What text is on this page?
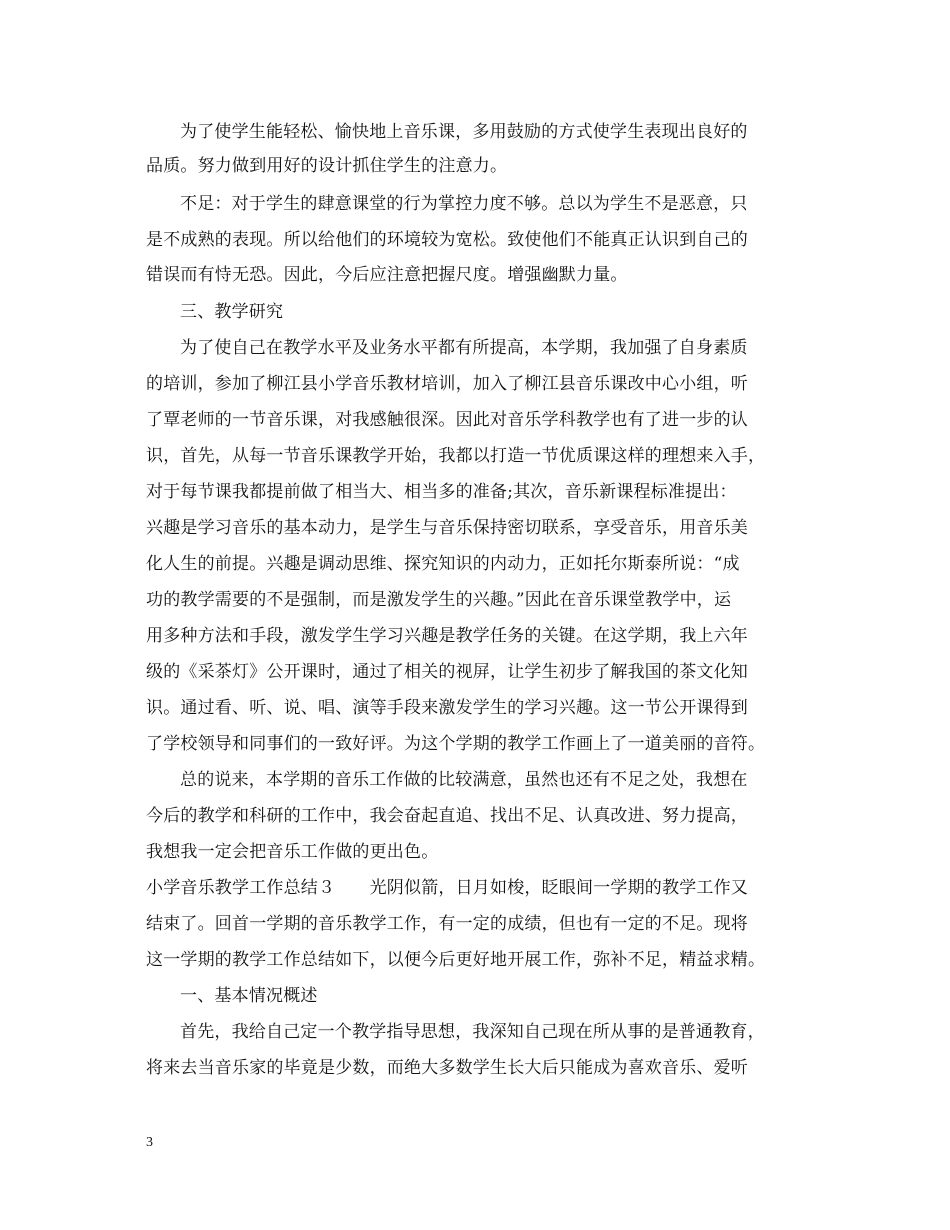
为了使学生能轻松、愉快地上音乐课，多用鼓励的方式使学生表现出良好的
品质。努力做到用好的设计抓住学生的注意力。
不足：对于学生的肆意课堂的行为掌控力度不够。总以为学生不是恶意，只
是不成熟的表现。所以给他们的环境较为宽松。致使他们不能真正认识到自己的
错误而有恃无恐。因此，今后应注意把握尺度。增强幽默力量。
三、教学研究
为了使自己在教学水平及业务水平都有所提高，本学期，我加强了自身素质
的培训，参加了柳江县小学音乐教材培训，加入了柳江县音乐课改中心小组，听
了覃老师的一节音乐课，对我感触很深。因此对音乐学科教学也有了进一步的认
识，首先，从每一节音乐课教学开始，我都以打造一节优质课这样的理想来入手，
对于每节课我都提前做了相当大、相当多的准备;其次，音乐新课程标准提出：
兴趣是学习音乐的基本动力，是学生与音乐保持密切联系，享受音乐，用音乐美
化人生的前提。兴趣是调动思维、探究知识的内动力，正如托尔斯泰所说：“成
功的教学需要的不是强制，而是激发学生的兴趣。”因此在音乐课堂教学中，运
用多种方法和手段，激发学生学习兴趣是教学任务的关键。在这学期，我上六年
级的《采茶灯》公开课时，通过了相关的视屏，让学生初步了解我国的茶文化知
识。通过看、听、说、唱、演等手段来激发学生的学习兴趣。这一节公开课得到
了学校领导和同事们的一致好评。为这个学期的教学工作画上了一道美丽的音符。
总的说来，本学期的音乐工作做的比较满意，虽然也还有不足之处，我想在
今后的教学和科研的工作中，我会奋起直追、找出不足、认真改进、努力提高，
我想我一定会把音乐工作做的更出色。
小学音乐教学工作总结３　　光阴似箭，日月如梭，眨眼间一学期的教学工作又
结束了。回首一学期的音乐教学工作，有一定的成绩，但也有一定的不足。现将
这一学期的教学工作总结如下，以便今后更好地开展工作，弥补不足，精益求精。
一、基本情况概述
首先，我给自己定一个教学指导思想，我深知自己现在所从事的是普通教育，
将来去当音乐家的毕竟是少数，而绝大多数学生长大后只能成为喜欢音乐、爱听
3
